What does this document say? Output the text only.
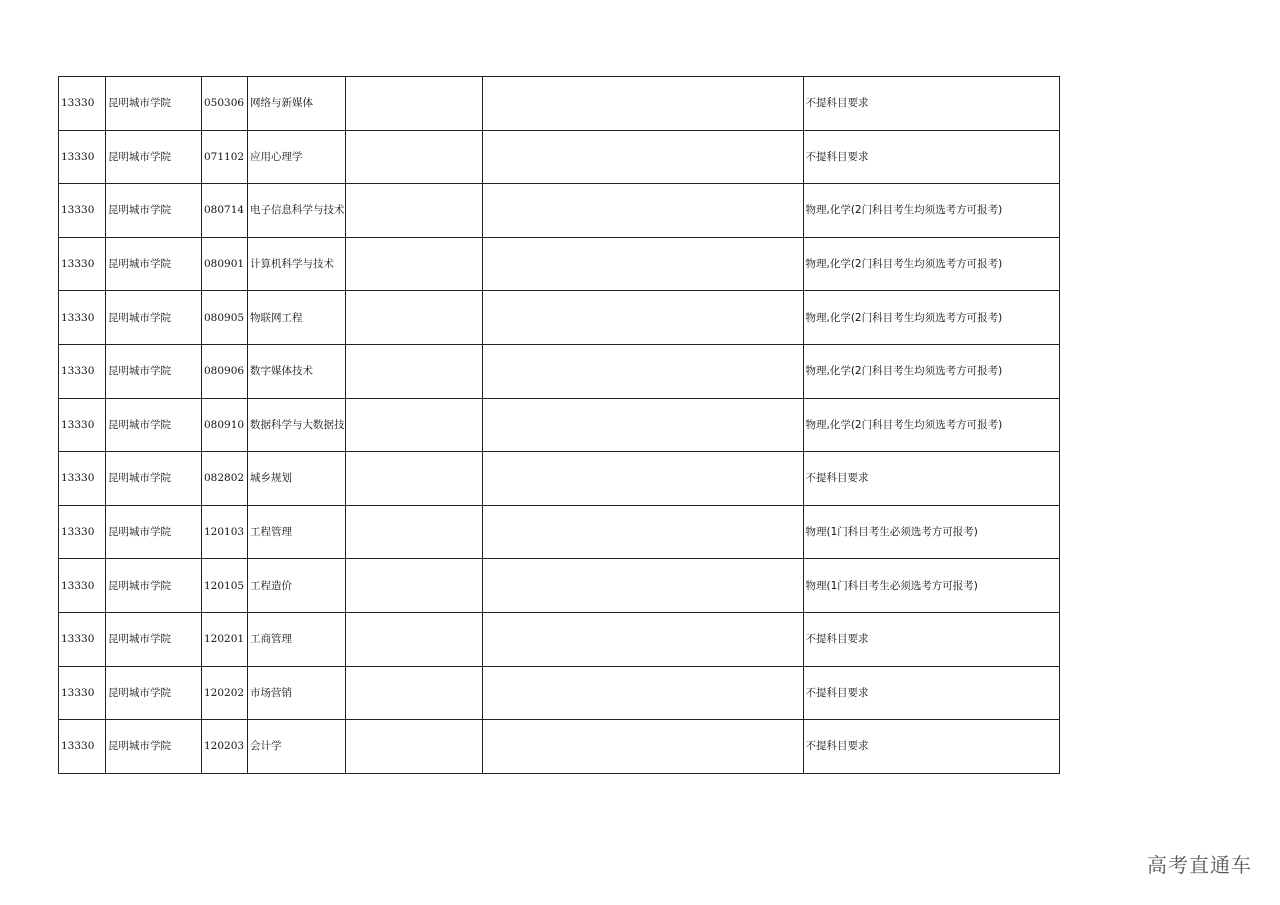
13330	昆明城市学院	050306	网络与新媒体			不提科目要求
13330	昆明城市学院	071102	应用心理学			不提科目要求
13330	昆明城市学院	080714	电子信息科学与技术			物理,化学(2门科目考生均须选考方可报考)
13330	昆明城市学院	080901	计算机科学与技术			物理,化学(2门科目考生均须选考方可报考)
13330	昆明城市学院	080905	物联网工程			物理,化学(2门科目考生均须选考方可报考)
13330	昆明城市学院	080906	数字媒体技术			物理,化学(2门科目考生均须选考方可报考)
13330	昆明城市学院	080910	数据科学与大数据技			物理,化学(2门科目考生均须选考方可报考)
13330	昆明城市学院	082802	城乡规划			不提科目要求
13330	昆明城市学院	120103	工程管理			物理(1门科目考生必须选考方可报考)
13330	昆明城市学院	120105	工程造价			物理(1门科目考生必须选考方可报考)
13330	昆明城市学院	120201	工商管理			不提科目要求
13330	昆明城市学院	120202	市场营销			不提科目要求
13330	昆明城市学院	120203	会计学			不提科目要求
高考直通车
